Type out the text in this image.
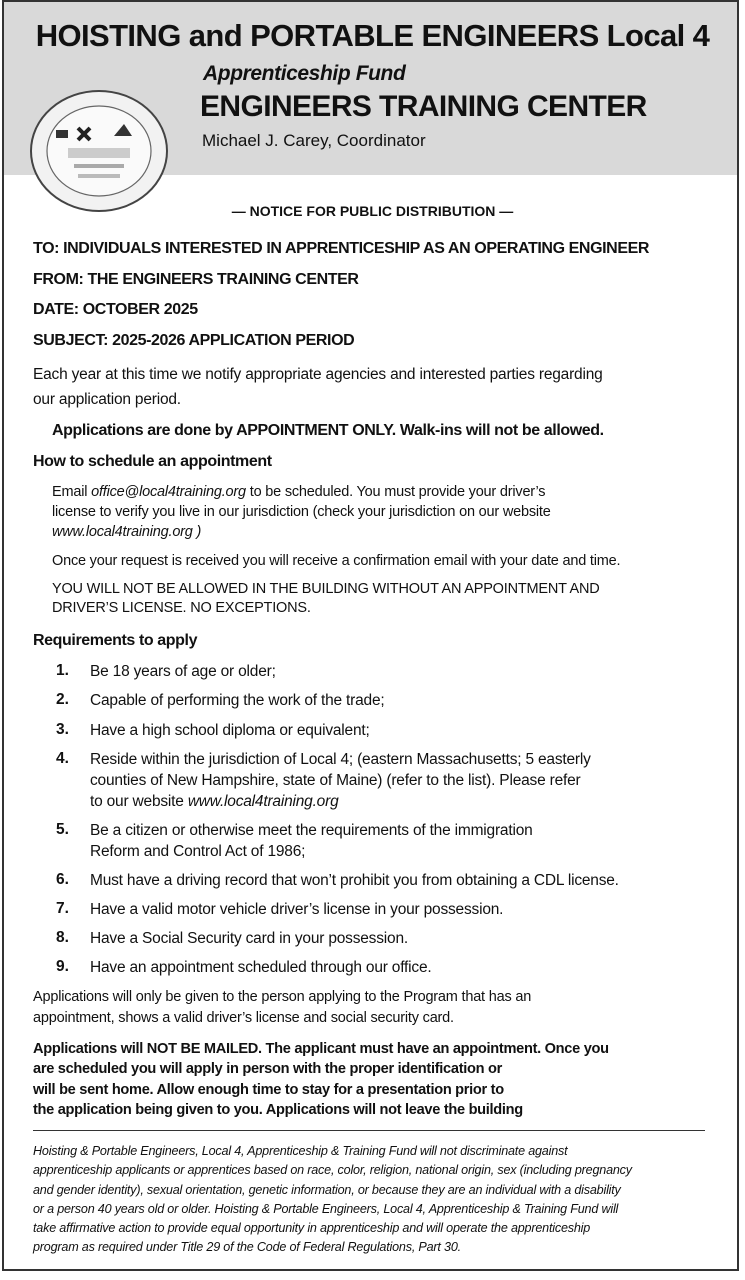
HOISTING and PORTABLE ENGINEERS Local 4
Apprenticeship Fund
ENGINEERS TRAINING CENTER
Michael J. Carey, Coordinator
— NOTICE FOR PUBLIC DISTRIBUTION —
TO: INDIVIDUALS INTERESTED IN APPRENTICESHIP AS AN OPERATING ENGINEER
FROM: THE ENGINEERS TRAINING CENTER
DATE: OCTOBER 2025
SUBJECT: 2025-2026 APPLICATION PERIOD
Each year at this time we notify appropriate agencies and interested parties regarding
our application period.
Applications are done by APPOINTMENT ONLY. Walk-ins will not be allowed.
How to schedule an appointment
Email office@local4training.org to be scheduled. You must provide your driver’s
license to verify you live in our jurisdiction (check your jurisdiction on our website
www.local4training.org )
Once your request is received you will receive a confirmation email with your date and time.
YOU WILL NOT BE ALLOWED IN THE BUILDING WITHOUT AN APPOINTMENT AND
DRIVER’S LICENSE. NO EXCEPTIONS.
Requirements to apply
1. Be 18 years of age or older;
2. Capable of performing the work of the trade;
3. Have a high school diploma or equivalent;
4. Reside within the jurisdiction of Local 4; (eastern Massachusetts; 5 easterly
counties of New Hampshire, state of Maine) (refer to the list). Please refer
to our website www.local4training.org
5. Be a citizen or otherwise meet the requirements of the immigration
Reform and Control Act of 1986;
6. Must have a driving record that won’t prohibit you from obtaining a CDL license.
7. Have a valid motor vehicle driver’s license in your possession.
8. Have a Social Security card in your possession.
9. Have an appointment scheduled through our office.
Applications will only be given to the person applying to the Program that has an
appointment, shows a valid driver’s license and social security card.
Applications will NOT BE MAILED. The applicant must have an appointment. Once you
are scheduled you will apply in person with the proper identification or
will be sent home. Allow enough time to stay for a presentation prior to
the application being given to you. Applications will not leave the building
Hoisting & Portable Engineers, Local 4, Apprenticeship & Training Fund will not discriminate against
apprenticeship applicants or apprentices based on race, color, religion, national origin, sex (including pregnancy
and gender identity), sexual orientation, genetic information, or because they are an individual with a disability
or a person 40 years old or older. Hoisting & Portable Engineers, Local 4, Apprenticeship & Training Fund will
take affirmative action to provide equal opportunity in apprenticeship and will operate the apprenticeship
program as required under Title 29 of the Code of Federal Regulations, Part 30.
